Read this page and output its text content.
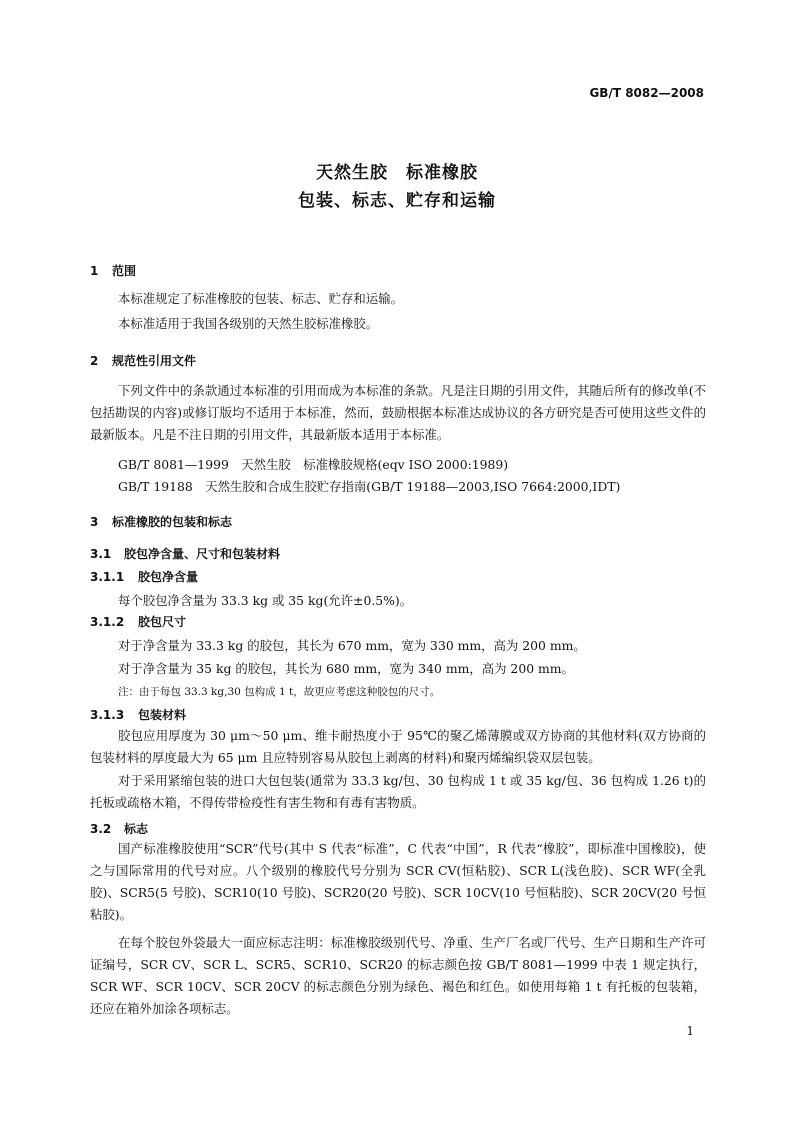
GB/T 8082—2008
天然生胶　标准橡胶
包装、标志、贮存和运输
1 范围
本标准规定了标准橡胶的包装、标志、贮存和运输。
本标准适用于我国各级别的天然生胶标准橡胶。
2 规范性引用文件
下列文件中的条款通过本标准的引用而成为本标准的条款。凡是注日期的引用文件，其随后所有的修改单(不包括勘误的内容)或修订版均不适用于本标准，然而，鼓励根据本标准达成协议的各方研究是否可使用这些文件的最新版本。凡是不注日期的引用文件，其最新版本适用于本标准。
GB/T 8081—1999　天然生胶　标准橡胶规格(eqv ISO 2000:1989)
GB/T 19188　天然生胶和合成生胶贮存指南(GB/T 19188—2003,ISO 7664:2000,IDT)
3 标准橡胶的包装和标志
3.1 胶包净含量、尺寸和包装材料
3.1.1 胶包净含量
每个胶包净含量为 33.3 kg 或 35 kg(允许±0.5%)。
3.1.2 胶包尺寸
对于净含量为 33.3 kg 的胶包，其长为 670 mm，宽为 330 mm，高为 200 mm。
对于净含量为 35 kg 的胶包，其长为 680 mm，宽为 340 mm，高为 200 mm。
注：由于每包 33.3 kg,30 包构成 1 t，故更应考虑这种胶包的尺寸。
3.1.3 包装材料
胶包应用厚度为 30 μm～50 μm、维卡耐热度小于 95℃的聚乙烯薄膜或双方协商的其他材料(双方协商的包装材料的厚度最大为 65 μm 且应特别容易从胶包上剥离的材料)和聚丙烯编织袋双层包装。
对于采用紧缩包装的进口大包包装(通常为 33.3 kg/包、30 包构成 1 t 或 35 kg/包、36 包构成 1.26 t)的托板或疏格木箱，不得传带检疫性有害生物和有毒有害物质。
3.2 标志
国产标准橡胶使用“SCR”代号(其中 S 代表“标准”，C 代表“中国”，R 代表“橡胶”，即标准中国橡胶)，使之与国际常用的代号对应。八个级别的橡胶代号分别为 SCR CV(恒粘胶)、SCR L(浅色胶)、SCR WF(全乳胶)、SCR5(5 号胶)、SCR10(10 号胶)、SCR20(20 号胶)、SCR 10CV(10 号恒粘胶)、SCR 20CV(20 号恒粘胶)。
在每个胶包外袋最大一面应标志注明：标准橡胶级别代号、净重、生产厂名或厂代号、生产日期和生产许可证编号，SCR CV、SCR L、SCR5、SCR10、SCR20 的标志颜色按 GB/T 8081—1999 中表 1 规定执行，SCR WF、SCR 10CV、SCR 20CV 的标志颜色分别为绿色、褐色和红色。如使用每箱 1 t 有托板的包装箱，还应在箱外加涂各项标志。
1
